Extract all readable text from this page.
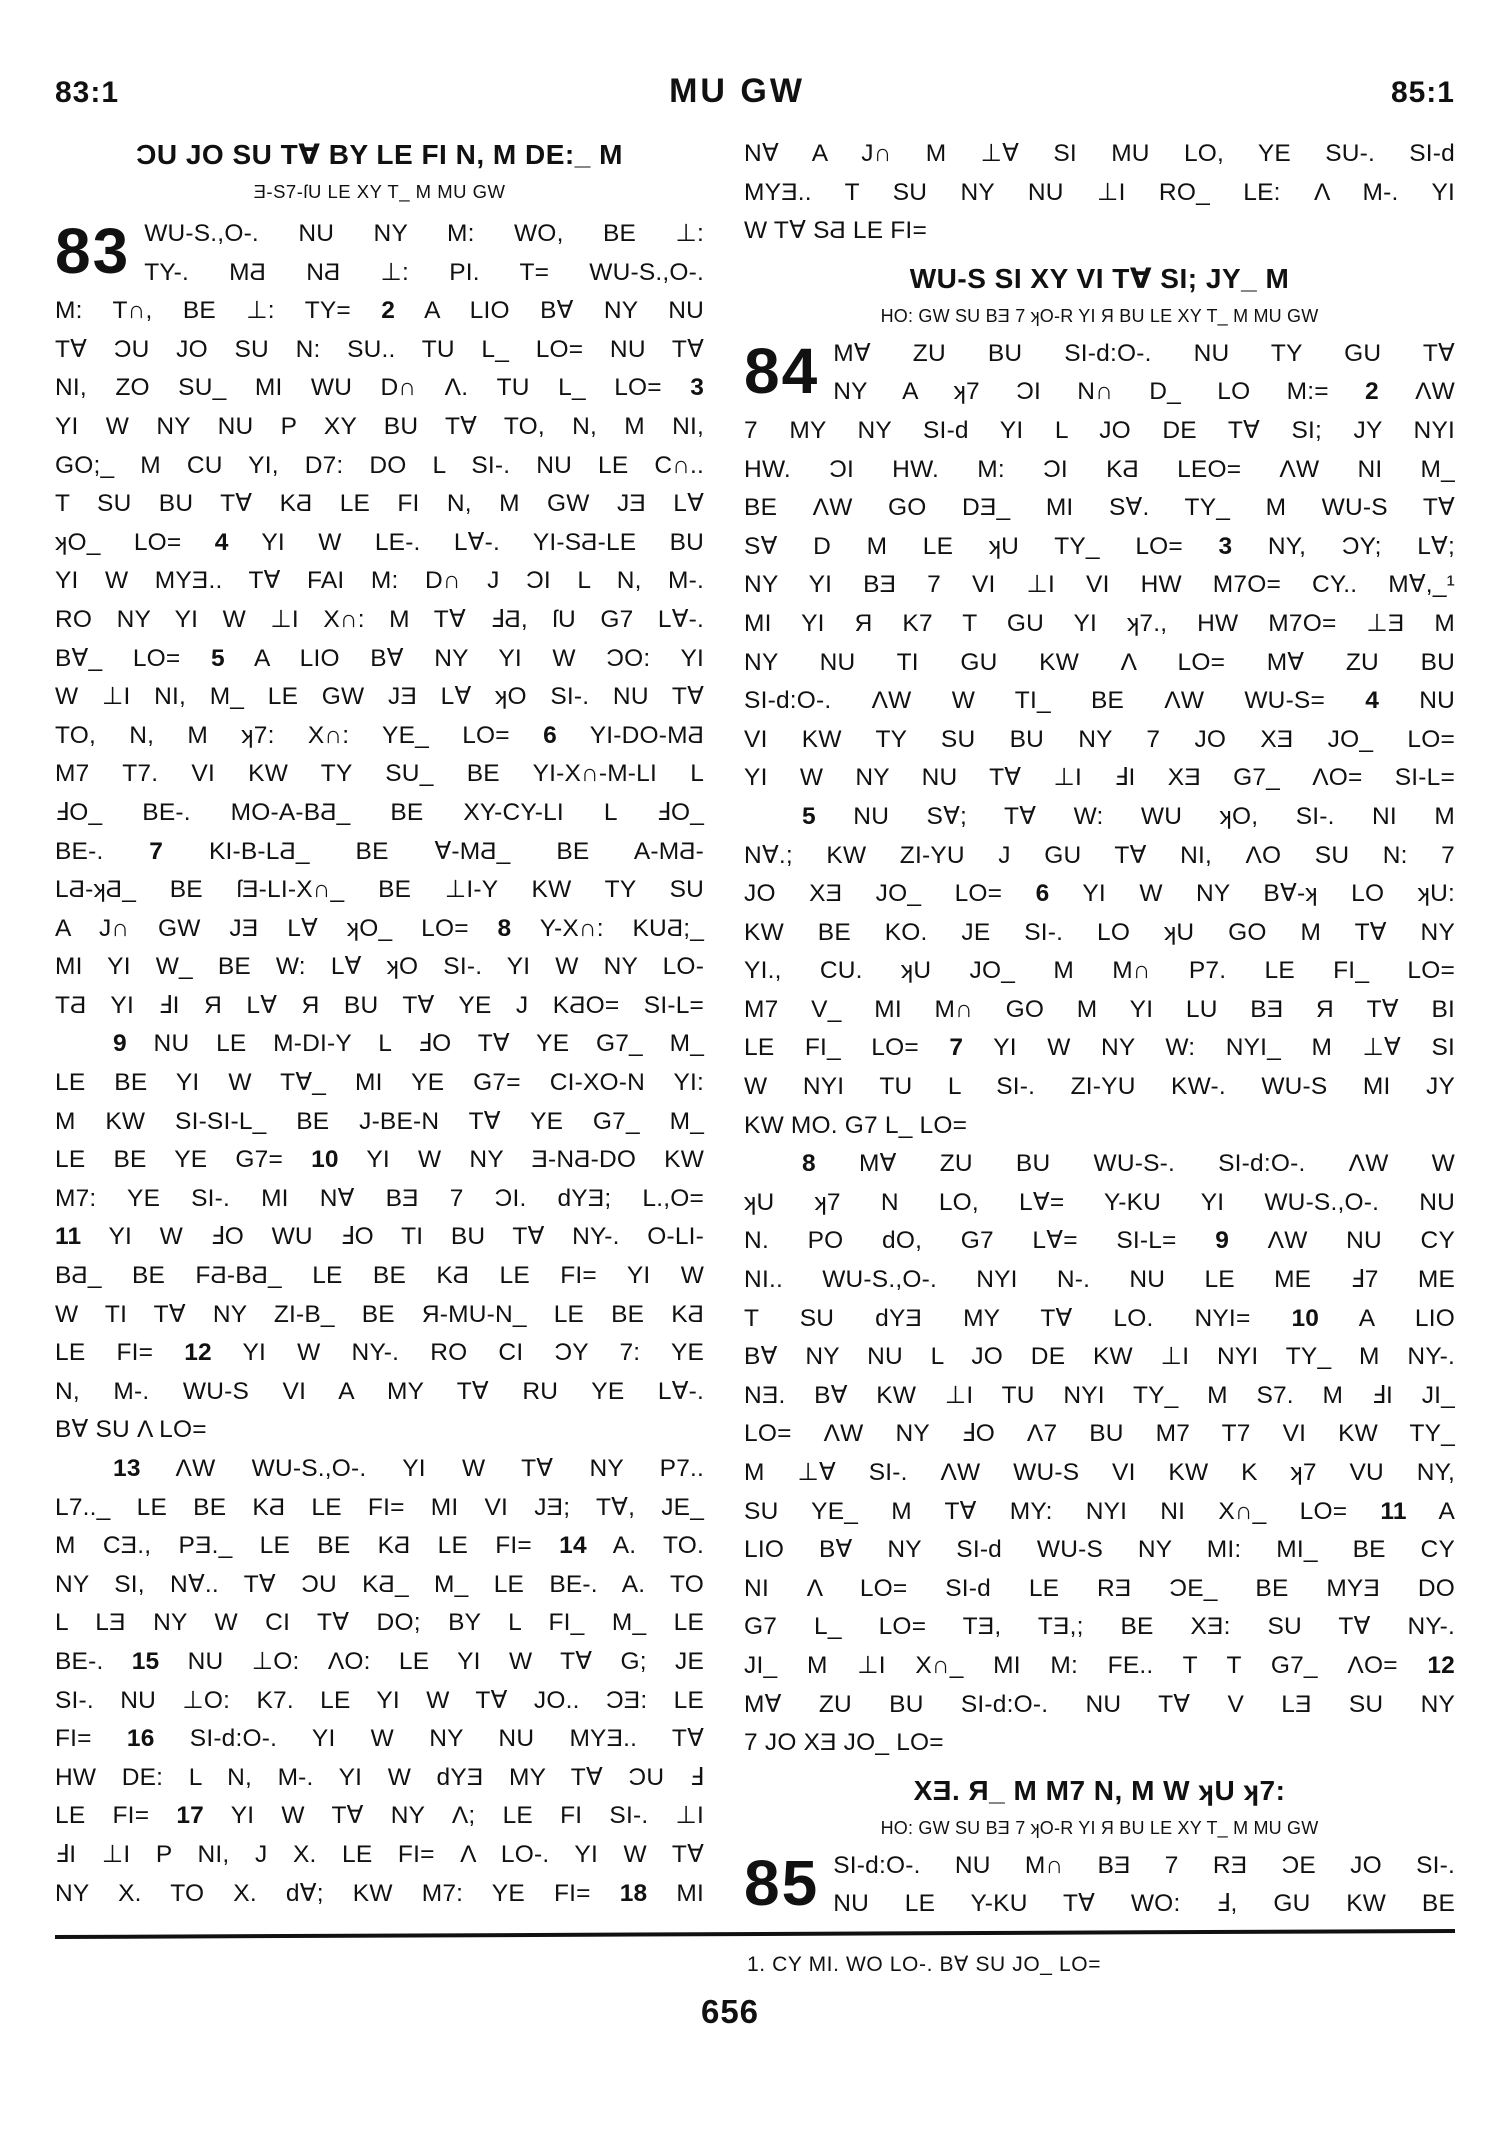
83:1	MU GW	85:1
ƆU JO SU T∀ BY LE FI N, M DE:_ M
Ǝ-S7-ſU LE XY T_ M MU GW
83 WU-S.,O-. NU NY M: WO, BE ⊥:
TY-. MƋ NƋ ⊥: PI. T= WU-S.,O-.
M: T∩, BE ⊥: TY= 2 A LIO B∀ NY NU
T∀ ƆU JO SU N: SU.. TU L_ LO= NU T∀
NI, ZO SU_ MI WU D∩ Λ. TU L_ LO= 3
YI W NY NU P XY BU T∀ TO, N, M NI,
GO;_ M CU YI, D7: DO L SI-. NU LE C∩..
T SU BU T∀ KƋ LE FI N, M GW JƎ L∀
ʞO_ LO= 4 YI W LE-. L∀-. YI-SƋ-LE BU
YI W MYƎ.. T∀ FAI M: D∩ J ƆI L N, M-.
RO NY YI W ⊥I X∩: M T∀ ℲƋ, ſU G7 L∀-.
B∀_ LO= 5 A LIO B∀ NY YI W ƆO: YI
W ⊥I NI, M_ LE GW JƎ L∀ ʞO SI-. NU T∀
TO, N, M ʞ7: X∩: YE_ LO= 6 YI-DO-MƋ
M7 T7. VI KW TY SU_ BE YI-X∩-M-LI L
ℲO_ BE-. MO-A-BƋ_ BE XY-CY-LI L ℲO_
BE-. 7 KI-B-LƋ_ BE ∀-MƋ_ BE A-MƋ-
LƋ-ʞƋ_ BE ſƎ-LI-X∩_ BE ⊥I-Y KW TY SU
A J∩ GW JƎ L∀ ʞO_ LO= 8 Y-X∩: KUƋ;_
MI YI W_ BE W: L∀ ʞO SI-. YI W NY LO-
TƋ YI ℲI Я L∀ Я BU T∀ YE J KƋO= SI-L=
9 NU LE M-DI-Y L ℲO T∀ YE G7_ M_
LE BE YI W T∀_ MI YE G7= CI-XO-N YI:
M KW SI-SI-L_ BE J-BE-N T∀ YE G7_ M_
LE BE YE G7= 10 YI W NY Ǝ-NƋ-DO KW
M7: YE SI-. MI N∀ BƎ 7 ƆI. dYƎ; L.,O=
11 YI W ℲO WU ℲO TI BU T∀ NY-. O-LI-
BƋ_ BE FƋ-BƋ_ LE BE KƋ LE FI= YI W
W TI T∀ NY ZI-B_ BE Я-MU-N_ LE BE KƋ
LE FI= 12 YI W NY-. RO CI ƆY 7: YE
N, M-. WU-S VI A MY T∀ RU YE L∀-.
B∀ SU Λ LO=
13 ΛW WU-S.,O-. YI W T∀ NY P7..
L7.._ LE BE KƋ LE FI= MI VI JƎ; T∀, JE_
M CƎ., PƎ._ LE BE KƋ LE FI= 14 A. TO.
NY SI, N∀.. T∀ ƆU KƋ_ M_ LE BE-. A. TO
L LƎ NY W CI T∀ DO; BY L FI_ M_ LE
BE-. 15 NU ⊥O: ΛO: LE YI W T∀ G; JE
SI-. NU ⊥O: K7. LE YI W T∀ JO.. ƆƎ: LE
FI= 16 SI-d:O-. YI W NY NU MYƎ.. T∀
HW DE: L N, M-. YI W dYƎ MY T∀ ƆU Ⅎ
LE FI= 17 YI W T∀ NY Λ; LE FI SI-. ⊥I
ℲI ⊥I P NI, J X. LE FI= Λ LO-. YI W T∀
NY X. TO X. d∀; KW M7: YE FI= 18 MI
N∀ A J∩ M ⊥∀ SI MU LO, YE SU-. SI-d
MYƎ.. T SU NY NU ⊥I RO_ LE: Λ M-. YI
W T∀ SƋ LE FI=
WU-S SI XY VI T∀ SI; JY_ M
HO: GW SU BƎ 7 ʞO-R YI Я BU LE XY T_ M MU GW
84 M∀ ZU BU SI-d:O-. NU TY GU T∀
NY A ʞ7 ƆI N∩ D_ LO M:= 2 ΛW
7 MY NY SI-d YI L JO DE T∀ SI; JY NYI
HW. ƆI HW. M: ƆI KƋ LEO= ΛW NI M_
BE ΛW GO DƎ_ MI S∀. TY_ M WU-S T∀
S∀ D M LE ʞU TY_ LO= 3 NY, ƆY; L∀;
NY YI BƎ 7 VI ⊥I VI HW M7O= CY.. M∀,_¹
MI YI Я K7 T GU YI ʞ7., HW M7O= ⊥Ǝ M
NY NU TI GU KW Λ LO= M∀ ZU BU
SI-d:O-. ΛW W TI_ BE ΛW WU-S= 4 NU
VI KW TY SU BU NY 7 JO XƎ JO_ LO=
YI W NY NU T∀ ⊥I ℲI XƎ G7_ ΛO= SI-L=
5 NU S∀; T∀ W: WU ʞO, SI-. NI M
N∀.; KW ZI-YU J GU T∀ NI, ΛO SU N: 7
JO XƎ JO_ LO= 6 YI W NY B∀-ʞ LO ʞU:
KW BE KO. JE SI-. LO ʞU GO M T∀ NY
YI., CU. ʞU JO_ M M∩ P7. LE FI_ LO=
M7 V_ MI M∩ GO M YI LU BƎ Я T∀ BI
LE FI_ LO= 7 YI W NY W: NYI_ M ⊥∀ SI
W NYI TU L SI-. ZI-YU KW-. WU-S MI JY
KW MO. G7 L_ LO=
8 M∀ ZU BU WU-S-. SI-d:O-. ΛW W
ʞU ʞ7 N LO, L∀= Y-KU YI WU-S.,O-. NU
N. PO dO, G7 L∀= SI-L= 9 ΛW NU CY
NI.. WU-S.,O-. NYI N-. NU LE ME Ⅎ7 ME
T SU dYƎ MY T∀ LO. NYI= 10 A LIO
B∀ NY NU L JO DE KW ⊥I NYI TY_ M NY-.
NƎ. B∀ KW ⊥I TU NYI TY_ M S7. M ℲI JI_
LO= ΛW NY ℲO Λ7 BU M7 T7 VI KW TY_
M ⊥∀ SI-. ΛW WU-S VI KW K ʞ7 VU NY,
SU YE_ M T∀ MY: NYI NI X∩_ LO= 11 A
LIO B∀ NY SI-d WU-S NY MI: MI_ BE CY
NI Λ LO= SI-d LE RƎ ƆE_ BE MYƎ DO
G7 L_ LO= TƎ, TƎ,; BE XƎ: SU T∀ NY-.
JI_ M ⊥I X∩_ MI M: FE.. T T G7_ ΛO= 12
M∀ ZU BU SI-d:O-. NU T∀ V LƎ SU NY
7 JO XƎ JO_ LO=
XƎ. Я_ M M7 N, M W ʞU ʞ7:
HO: GW SU BƎ 7 ʞO-R YI Я BU LE XY T_ M MU GW
85 SI-d:O-. NU M∩ BƎ 7 RƎ ƆE JO SI-.
NU LE Y-KU T∀ WO: Ⅎ, GU KW BE
1. CY MI. WO LO-. B∀ SU JO_ LO=
656
